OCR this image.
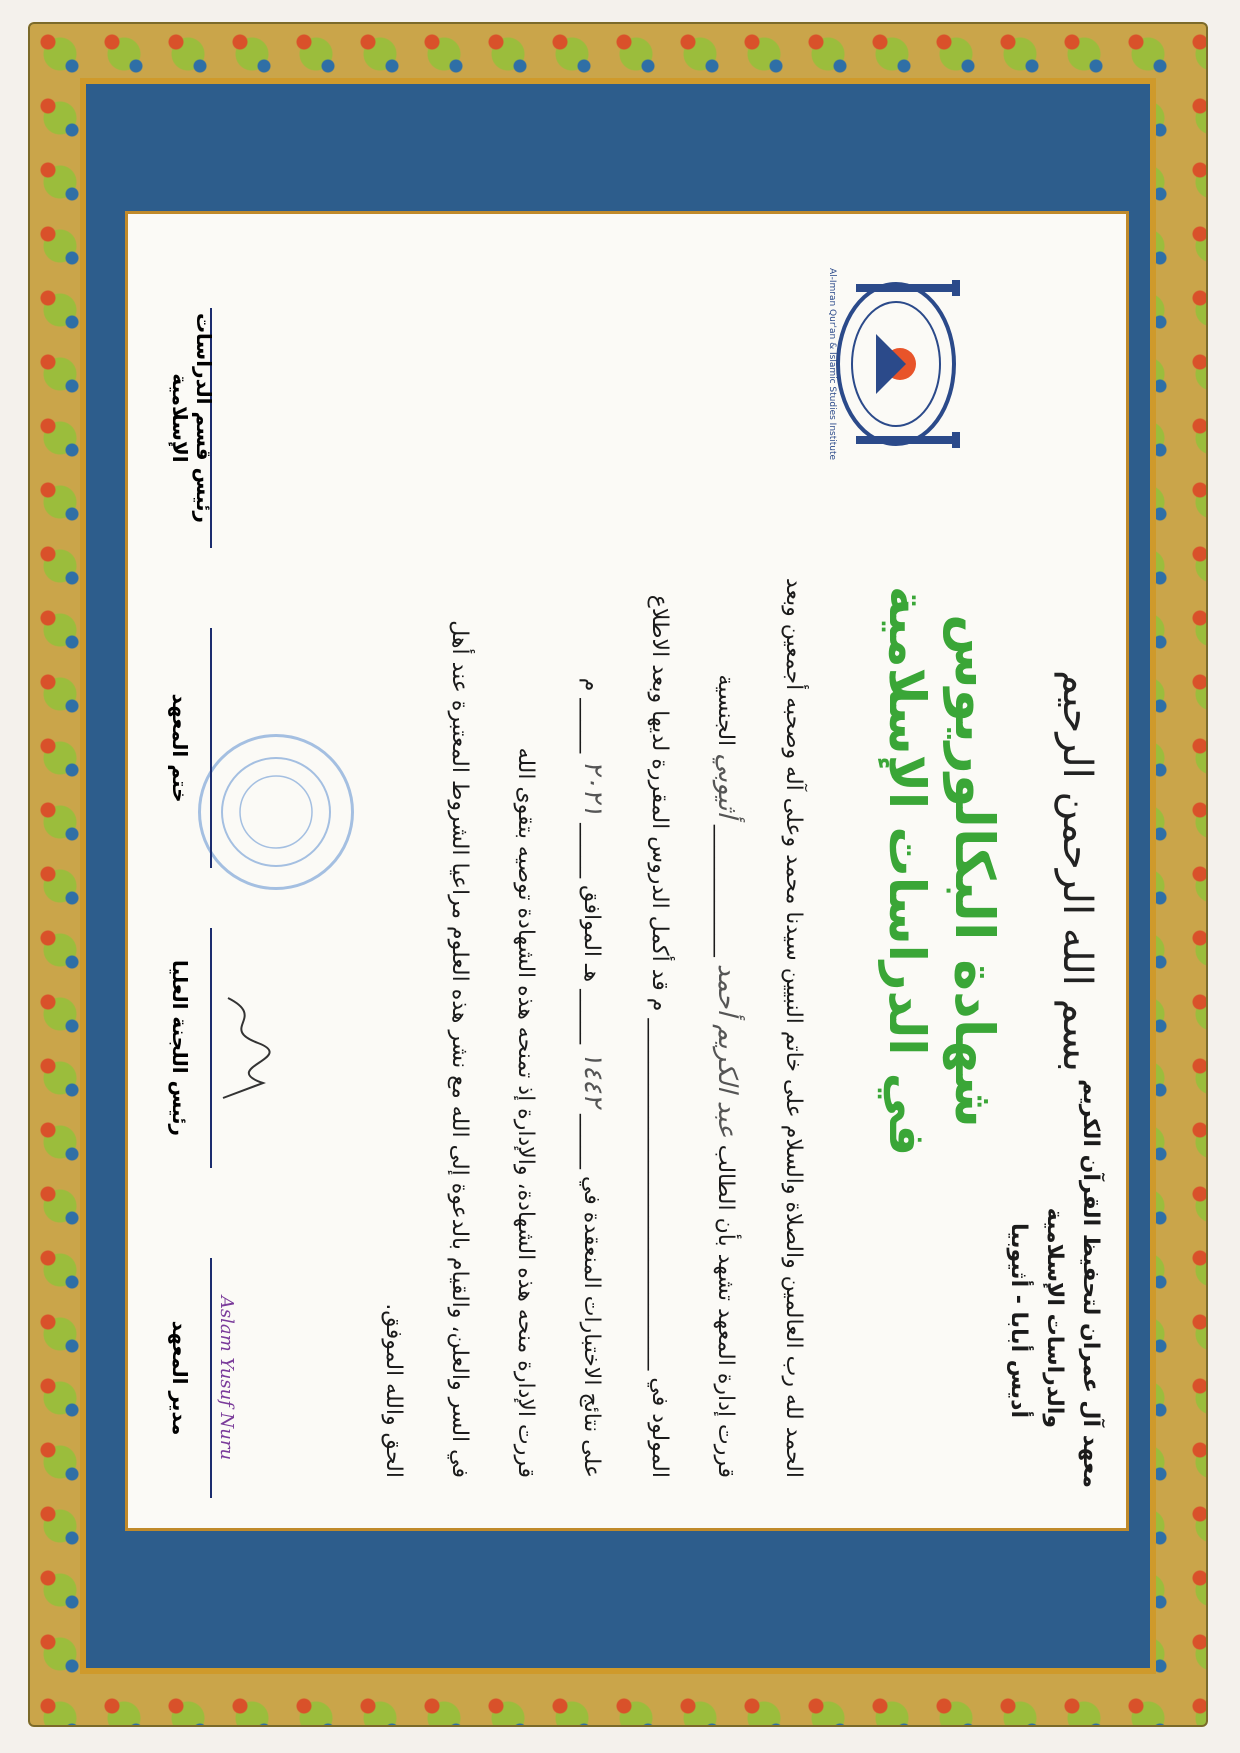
بسم الله الرحمن الرحيم
معهد آل عمران لتحفيظ القرآن الكريم
والدراسات الإسلامية
أديس أبابا - أثيوبيا
شهادة البكالوريوس
في الدراسات الإسلامية
Al-Imran Qur'an & Islamic Studies Institute
الحمد لله رب العالمين والصلاة والسلام على خاتم النبيين سيدنا محمد وعلى آله وصحبه أجمعين وبعد
قررت إدارة المعهد تشهد بأن الطالب عبد الكريم أحمد ____________ أثيوبي الجنسية
المولود في ________________________________ م قد أكمل الدروس المقررة لديها وبعد الاطلاع
على نتائج الاختبارات المنعقدة في _____ ١٤٤٢ _____ هـ الموافق _____ ٢٠٢١ _____ م
قررت الإدارة منحه هذه الشهادة، والإدارة إذ تمنحه هذه الشهادة توصيه بتقوى الله
في السر والعلن، والقيام بالدعوة إلى الله مع نشر هذه العلوم مراعيا الشروط المعتبرة عند أهل
الحق والله الموفق.
Aslam Yusuf Nuru
مدير المعهد
رئيس اللجنة العليا
ختم المعهد
رئيس قسم الدراسات الإسلامية
